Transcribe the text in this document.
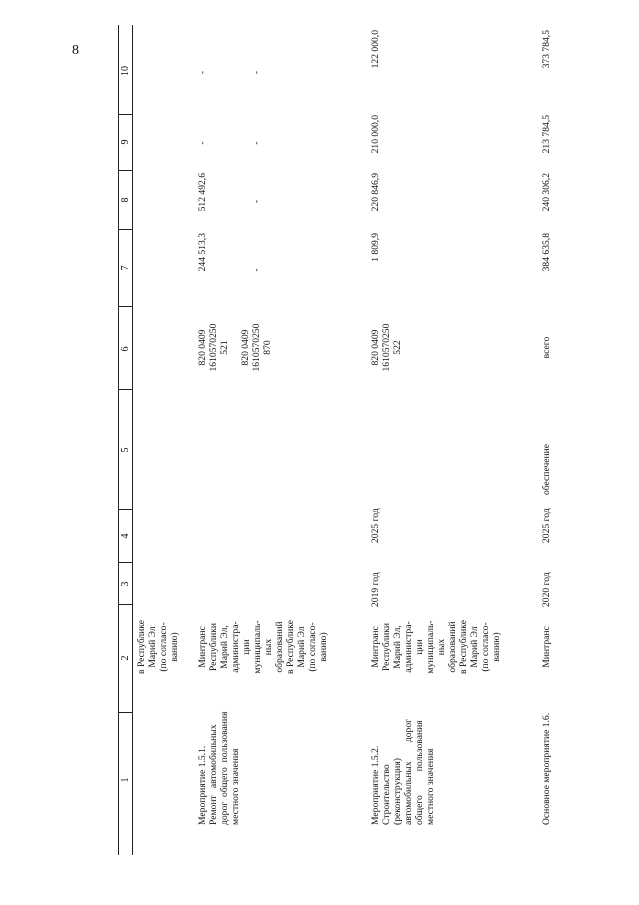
8
1
2
3
4
5
6
7
8
9
10
в Республике Марий Эл (по согласо- ванию)
Мероприятие 1.5.1. Ремонт   автомобильных дорог  общего  пользования местного значения
Минтранс Республики Марий Эл, администра- ции муниципаль- ных образований в Республике Марий Эл (по согласо- ванию)
820 0409 1610570250 521
244 513,3
512 492,6
-
-
820 0409 1610570250 870
-
-
-
-
Мероприятие 1.5.2. Строительство (реконструкция) автомобильных        дорог общего          пользования местного значения
Минтранс Республики Марий Эл, администра- ции муниципаль- ных образований в Республике Марий Эл (по согласо- ванию)
2019 год
2025 год
820 0409 1610570250 522
1 809,9
220 846,9
210 000,0
122 000,0
Основное мероприятие 1.6.
Минтранс
2020 год
2025 год
обеспечение
всего
384 635,8
240 306,2
213 784,5
373 784,5
